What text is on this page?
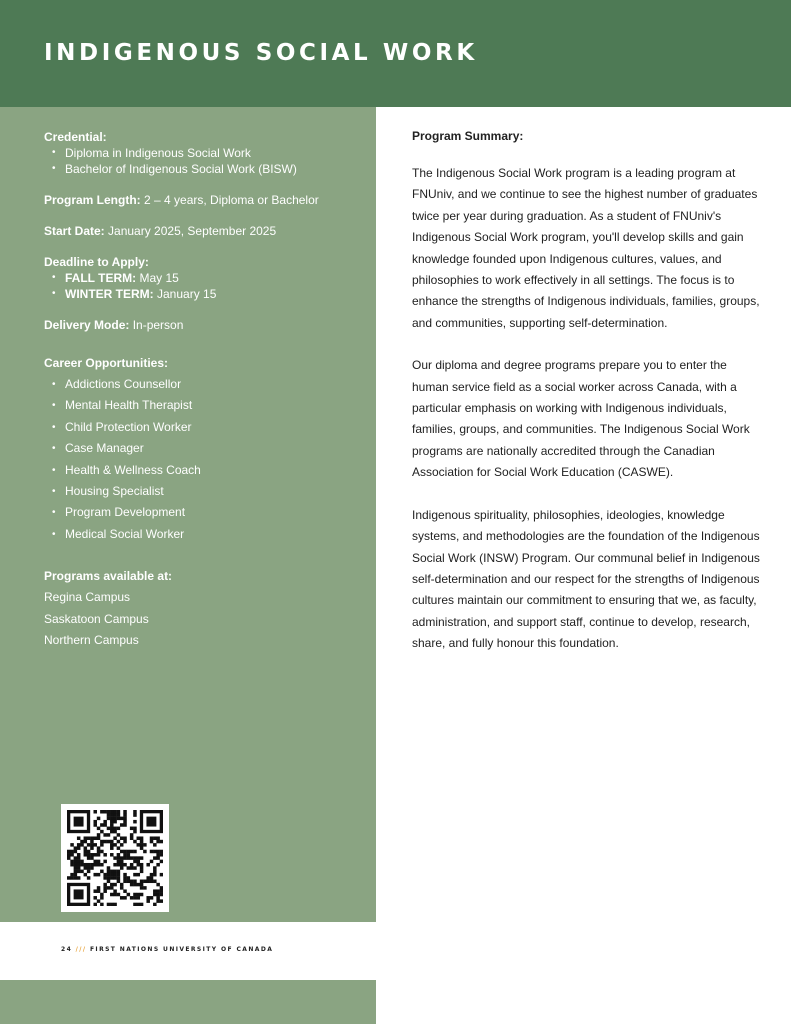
INDIGENOUS SOCIAL WORK
Credential:
• Diploma in Indigenous Social Work
• Bachelor of Indigenous Social Work (BISW)
Program Length: 2 – 4 years, Diploma or Bachelor
Start Date: January 2025, September 2025
Deadline to Apply:
• FALL TERM: May 15
• WINTER TERM: January 15
Delivery Mode: In-person
Career Opportunities:
• Addictions Counsellor
• Mental Health Therapist
• Child Protection Worker
• Case Manager
• Health & Wellness Coach
• Housing Specialist
• Program Development
• Medical Social Worker
Programs available at:
Regina Campus
Saskatoon Campus
Northern Campus
24 /// FIRST NATIONS UNIVERSITY OF CANADA
Program Summary:

The Indigenous Social Work program is a leading program at FNUniv, and we continue to see the highest number of graduates twice per year during graduation. As a student of FNUniv's Indigenous Social Work program, you'll develop skills and gain knowledge founded upon Indigenous cultures, values, and philosophies to work effectively in all settings. The focus is to enhance the strengths of Indigenous individuals, families, groups, and communities, supporting self-determination.

Our diploma and degree programs prepare you to enter the human service field as a social worker across Canada, with a particular emphasis on working with Indigenous individuals, families, groups, and communities. The Indigenous Social Work programs are nationally accredited through the Canadian Association for Social Work Education (CASWE).

Indigenous spirituality, philosophies, ideologies, knowledge systems, and methodologies are the foundation of the Indigenous Social Work (INSW) Program. Our communal belief in Indigenous self-determination and our respect for the strengths of Indigenous cultures maintain our commitment to ensuring that we, as faculty, administration, and support staff, continue to develop, research, share, and fully honour this foundation.
